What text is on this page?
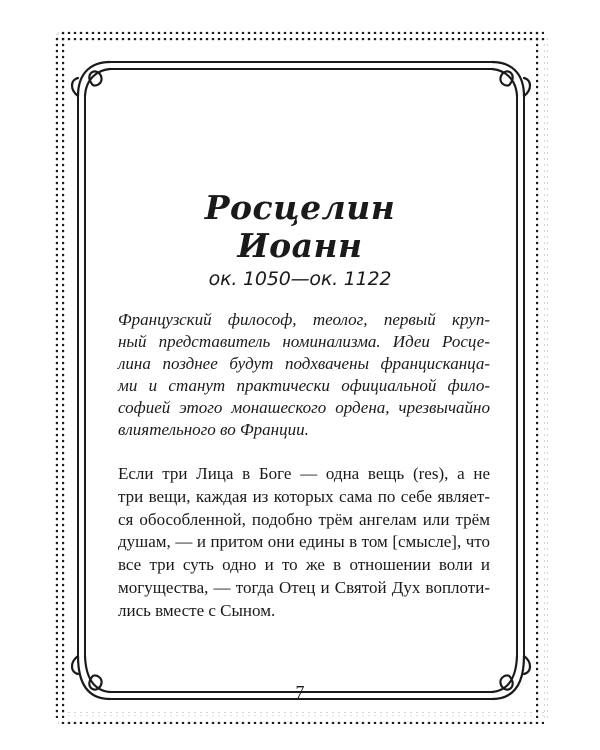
Росцелин
Иоанн
ок. 1050—ок. 1122
Французский философ, теолог, первый круп-
ный представитель номинализма. Идеи Росце-
лина позднее будут подхвачены францисканца-
ми и станут практически официальной фило-
софией этого монашеского ордена, чрезвычайно
влиятельного во Франции.
Если три Лица в Боге — одна вещь (res), а не
три вещи, каждая из которых сама по себе являет-
ся обособленной, подобно трём ангелам или трём
душам, — и притом они едины в том [смысле], что
все три суть одно и то же в отношении воли и
могущества, — тогда Отец и Святой Дух воплоти-
лись вместе с Сыном.
7
